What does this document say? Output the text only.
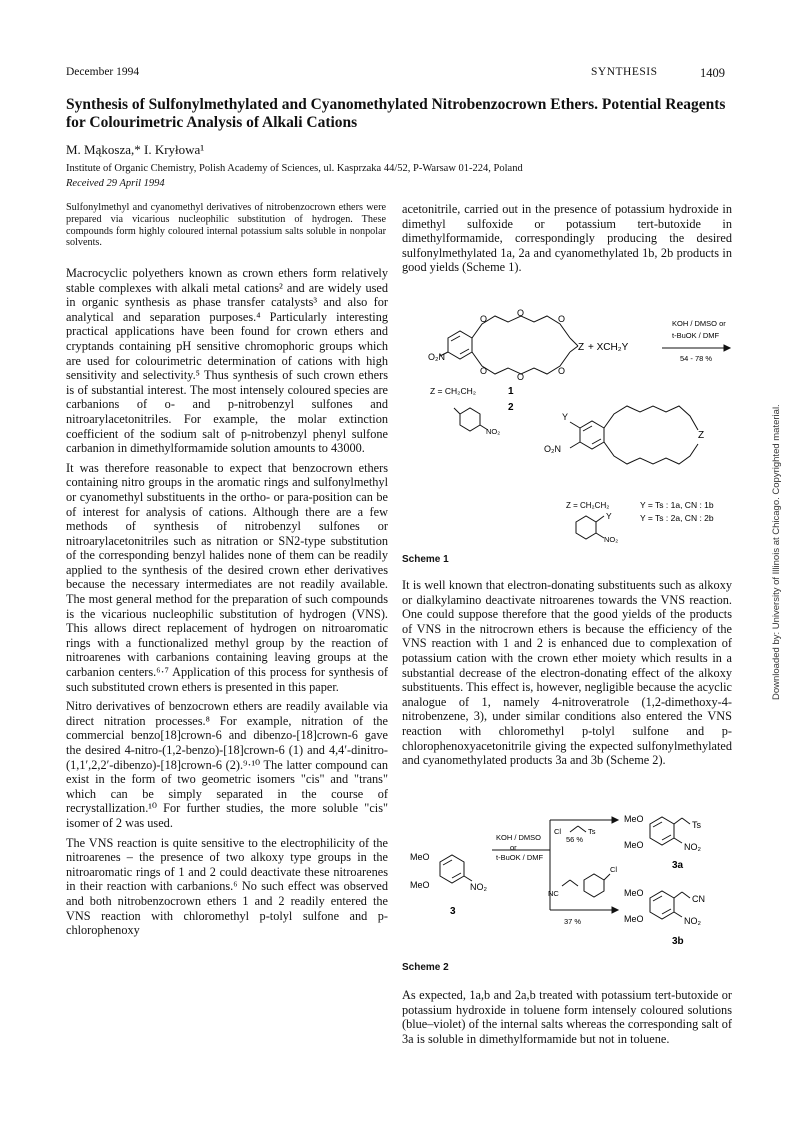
December 1994	SYNTHESIS	1409
Synthesis of Sulfonylmethylated and Cyanomethylated Nitrobenzocrown Ethers. Potential Reagents for Colourimetric Analysis of Alkali Cations
M. Mąkosza,* I. Kryłowa¹
Institute of Organic Chemistry, Polish Academy of Sciences, ul. Kasprzaka 44/52, P-Warsaw 01-224, Poland
Received 29 April 1994
Sulfonylmethyl and cyanomethyl derivatives of nitrobenzocrown ethers were prepared via vicarious nucleophilic substitution of hydrogen. These compounds form highly coloured internal potassium salts soluble in nonpolar solvents.

Macrocyclic polyethers known as crown ethers form relatively stable complexes with alkali metal cations² and are widely used in organic synthesis as phase transfer catalysts³ and also for analytical and separation purposes.⁴ Particularly interesting practical applications have been found for crown ethers and cryptands containing pH sensitive chromophoric groups which are used for colourimetric determination of cations with high sensitivity and selectivity.⁵ Thus synthesis of such crown ethers is of substantial interest. The most intensely coloured species are carbanions of o- and p-nitrobenzyl sulfones and nitroarylacetonitriles. For example, the molar extinction coefficient of the sodium salt of p-nitrobenzyl phenyl sulfone carbanion in dimethylformamide solution amounts to 43000.

It was therefore reasonable to expect that benzocrown ethers containing nitro groups in the aromatic rings and sulfonylmethyl or cyanomethyl substituents in the ortho- or para-position can be of interest for analysis of cations. Although there are a few methods of synthesis of nitrobenzyl sulfones or nitroarylacetonitriles such as nitration or SN2-type substitution of the corresponding benzyl halides none of them can be readily applied to the synthesis of the desired crown ether derivatives because the necessary intermediates are not readily available. The most general method for the preparation of such compounds is the vicarious nucleophilic substitution of hydrogen (VNS). This allows direct replacement of hydrogen on nitroaromatic rings with a functionalized methyl group by the reaction of nitroarenes with carbanions containing leaving groups at the carbanion centers.⁶·⁷ Application of this process for synthesis of such substituted crown ethers is presented in this paper.

Nitro derivatives of benzocrown ethers are readily available via direct nitration processes.⁸ For example, nitration of the commercial benzo[18]crown-6 and dibenzo-[18]crown-6 gave the desired 4-nitro-(1,2-benzo)-[18]crown-6 (1) and 4,4′-dinitro-(1,1′,2,2′-dibenzo)-[18]crown-6 (2).⁹·¹⁰ The latter compound can exist in the form of two geometric isomers "cis" and "trans" which can be simply separated in the course of recrystallization.¹⁰ For further studies, the more soluble "cis" isomer of 2 was used.

The VNS reaction is quite sensitive to the electrophilicity of the nitroarenes – the presence of two alkoxy type groups in the nitroaromatic rings of 1 and 2 could deactivate these nitroarenes in their reaction with carbanions.⁶ No such effect was observed and both nitrobenzocrown ethers 1 and 2 readily entered the VNS reaction with chloromethyl p-tolyl sulfone and p-chlorophenoxy

acetonitrile, carried out in the presence of potassium hydroxide in dimethyl sulfoxide or potassium tert-butoxide in dimethylformamide, correspondingly producing the desired sulfonylmethylated 1a, 2a and cyanomethylated 1b, 2b products in good yields (Scheme 1).
O₂N
O
O
O
O
O
O
Z + XCH₂Y
KOH / DMSO or
t-BuOK / DMF
54 - 78 %
Z = CH₂CH₂	1
2
NO₂
Y
O₂N
Z
Z = CH₂CH₂	Y = Ts : 1a, CN : 1b
Y	Y = Ts : 2a, CN : 2b
NO₂
Scheme 1
It is well known that electron-donating substituents such as alkoxy or dialkylamino deactivate nitroarenes towards the VNS reaction. One could suppose therefore that the good yields of the products of VNS in the nitrocrown ethers is because the efficiency of the VNS reaction with 1 and 2 is enhanced due to complexation of potassium cation with the crown ether moiety which results in a substantial decrease of the electron-donating effect of the alkoxy substituents. This effect is, however, negligible because the acyclic analogue of 1, namely 4-nitroveratrole (1,2-dimethoxy-4-nitrobenzene, 3), under similar conditions also entered the VNS reaction with chloromethyl p-tolyl sulfone and p-chlorophenoxyacetonitrile giving the expected sulfonylmethylated and cyanomethylated products 3a and 3b (Scheme 2).
MeO
MeO	NO₂
3
KOH / DMSO
or
t-BuOK / DMF
Cl	Ts
56 %
NC
Cl
37 %
MeO
Ts
MeO	NO₂
3a
MeO
CN
MeO	NO₂
3b
Scheme 2
As expected, 1a,b and 2a,b treated with potassium tert-butoxide or potassium hydroxide in toluene form intensely coloured solutions (blue–violet) of the internal salts whereas the corresponding salt of 3a is soluble in dimethylformamide but not in toluene.
Downloaded by: University of Illinois at Chicago. Copyrighted material.
